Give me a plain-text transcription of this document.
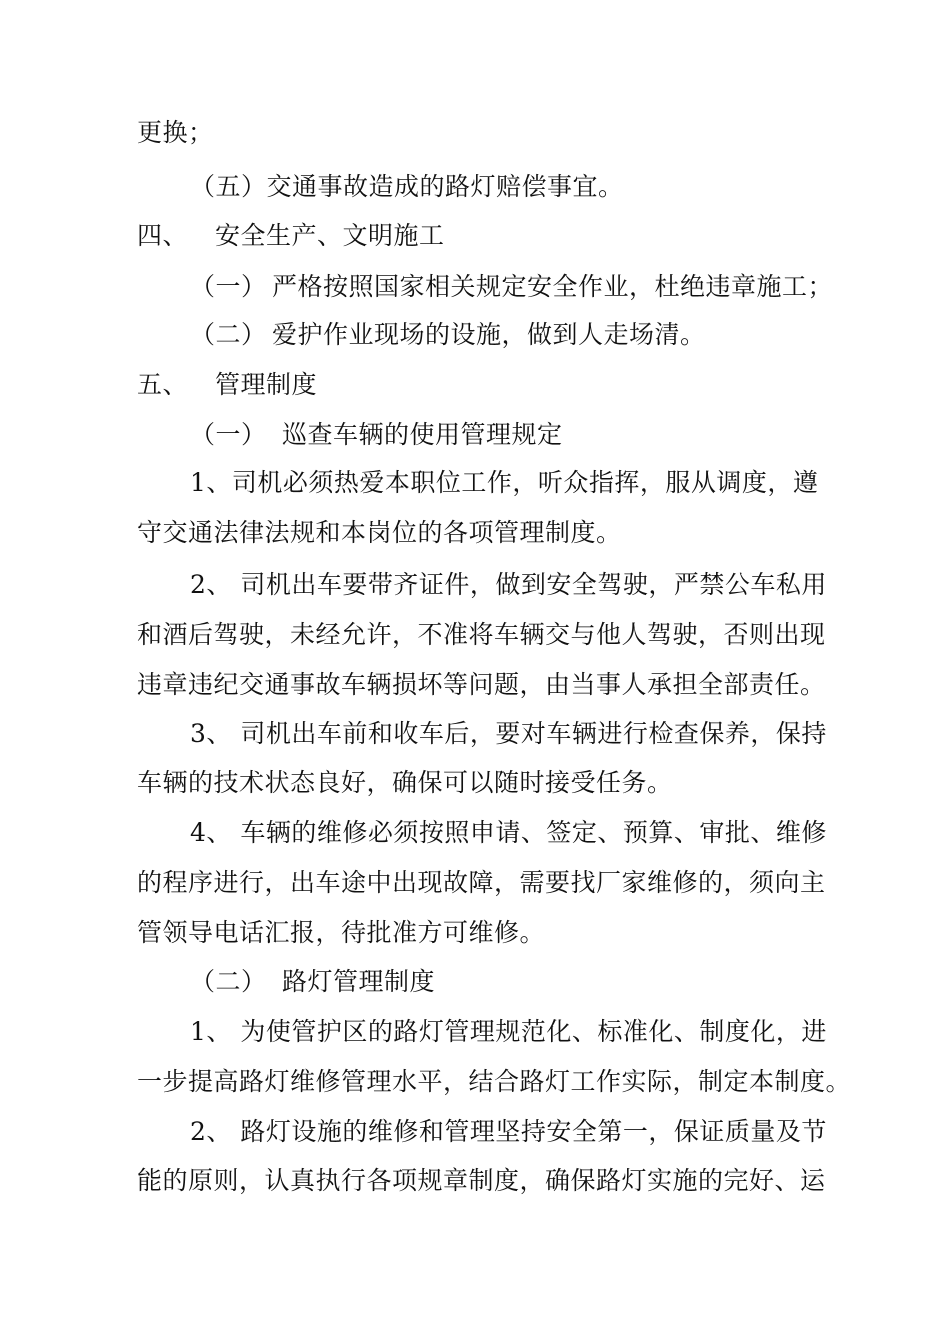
更换；
（五）交通事故造成的路灯赔偿事宜。
四、 安全生产、文明施工
（一） 严格按照国家相关规定安全作业，杜绝违章施工；
（二） 爱护作业现场的设施，做到人走场清。
五、 管理制度
（一） 巡查车辆的使用管理规定
1、司机必须热爱本职位工作，听众指挥，服从调度，遵
守交通法律法规和本岗位的各项管理制度。
2、 司机出车要带齐证件，做到安全驾驶，严禁公车私用
和酒后驾驶，未经允许，不准将车辆交与他人驾驶，否则出现
违章违纪交通事故车辆损坏等问题，由当事人承担全部责任。
3、 司机出车前和收车后，要对车辆进行检查保养，保持
车辆的技术状态良好，确保可以随时接受任务。
4、 车辆的维修必须按照申请、签定、预算、审批、维修
的程序进行，出车途中出现故障，需要找厂家维修的，须向主
管领导电话汇报，待批准方可维修。
（二） 路灯管理制度
1、 为使管护区的路灯管理规范化、标准化、制度化，进
一步提高路灯维修管理水平，结合路灯工作实际，制定本制度。
2、 路灯设施的维修和管理坚持安全第一，保证质量及节
能的原则，认真执行各项规章制度，确保路灯实施的完好、运
